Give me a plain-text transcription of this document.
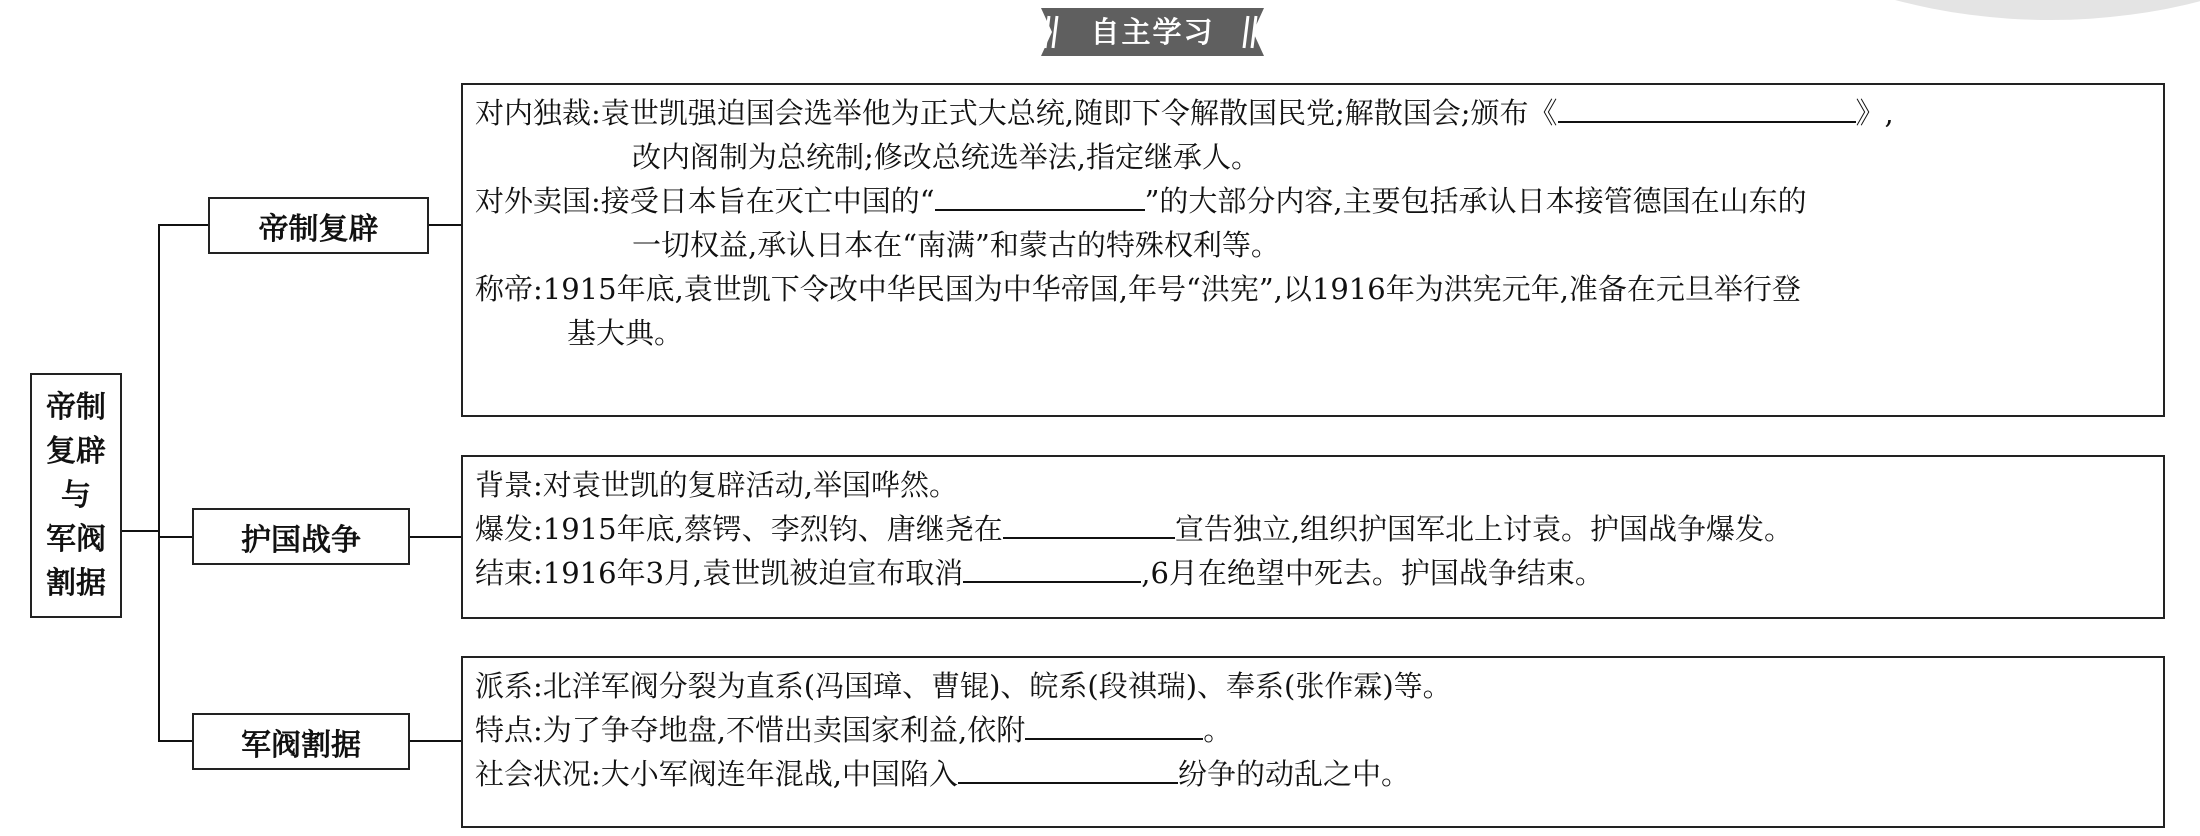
自主学习
帝制
复辟
与
军阀
割据
帝制复辟
护国战争
军阀割据
对内独裁:袁世凯强迫国会选举他为正式大总统,随即下令解散国民党;解散国会;颁布《	》,
改内阁制为总统制;修改总统选举法,指定继承人。
对外卖国:接受日本旨在灭亡中国的“	”的大部分内容,主要包括承认日本接管德国在山东的
一切权益,承认日本在“南满”和蒙古的特殊权利等。
称帝:1915年底,袁世凯下令改中华民国为中华帝国,年号“洪宪”,以1916年为洪宪元年,准备在元旦举行登
基大典。
背景:对袁世凯的复辟活动,举国哗然。
爆发:1915年底,蔡锷、李烈钧、唐继尧在	宣告独立,组织护国军北上讨袁。护国战争爆发。
结束:1916年3月,袁世凯被迫宣布取消	,6月在绝望中死去。护国战争结束。
派系:北洋军阀分裂为直系(冯国璋、曹锟)、皖系(段祺瑞)、奉系(张作霖)等。
特点:为了争夺地盘,不惜出卖国家利益,依附	。
社会状况:大小军阀连年混战,中国陷入	纷争的动乱之中。
